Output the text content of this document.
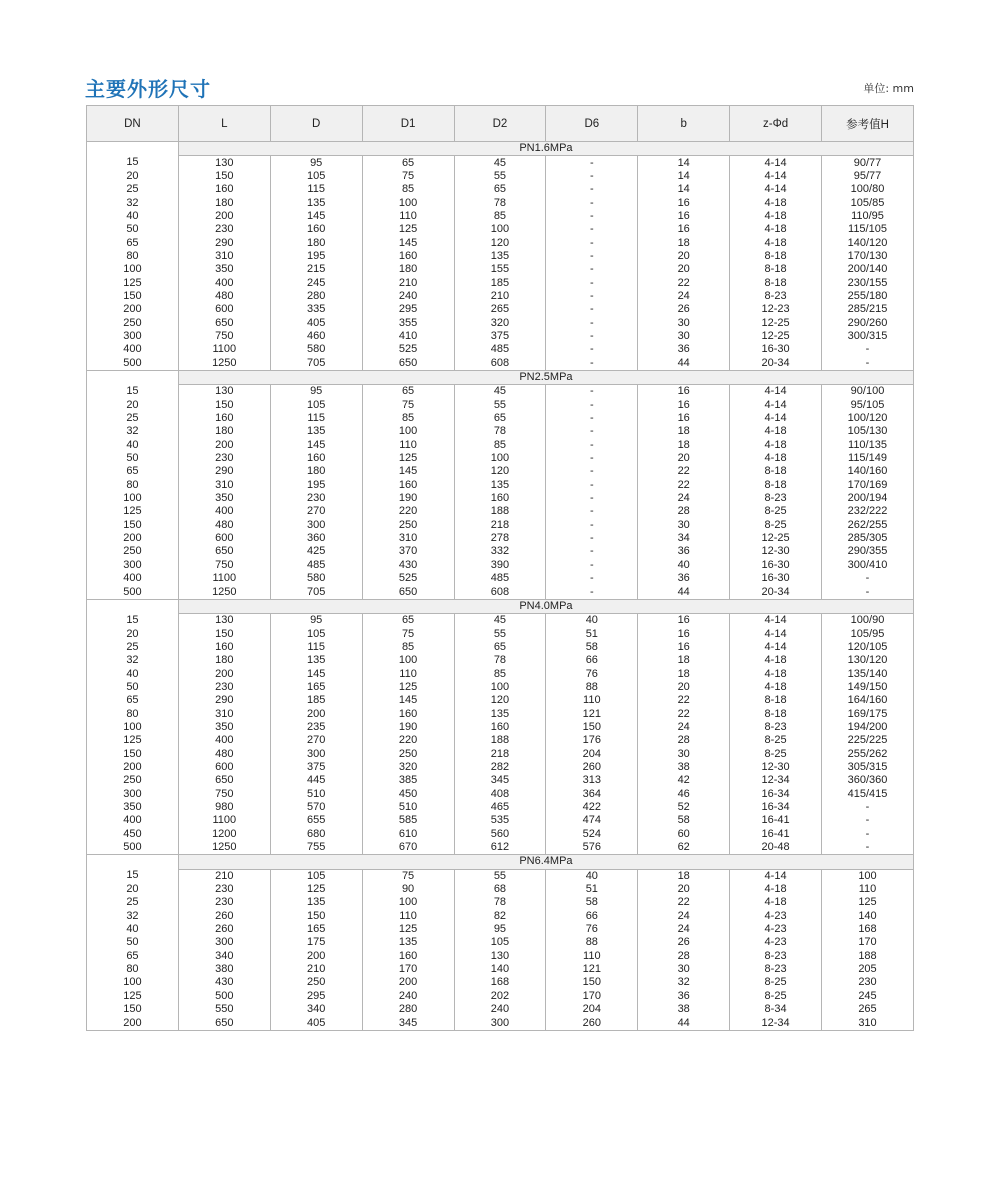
主要外形尺寸	单位: mm
DN	L	D	D1	D2	D6	b	z-Φd	参考值H
	PN1.6MPa							
15	130	95	65	45	-	14	4-14	90/77
20	150	105	75	55	-	14	4-14	95/77
25	160	115	85	65	-	14	4-14	100/80
32	180	135	100	78	-	16	4-18	105/85
40	200	145	110	85	-	16	4-18	110/95
50	230	160	125	100	-	16	4-18	115/105
65	290	180	145	120	-	18	4-18	140/120
80	310	195	160	135	-	20	8-18	170/130
100	350	215	180	155	-	20	8-18	200/140
125	400	245	210	185	-	22	8-18	230/155
150	480	280	240	210	-	24	8-23	255/180
200	600	335	295	265	-	26	12-23	285/215
250	650	405	355	320	-	30	12-25	290/260
300	750	460	410	375	-	30	12-25	300/315
400	1100	580	525	485	-	36	16-30	-
500	1250	705	650	608	-	44	20-34	-
	PN2.5MPa							
15	130	95	65	45	-	16	4-14	90/100
20	150	105	75	55	-	16	4-14	95/105
25	160	115	85	65	-	16	4-14	100/120
32	180	135	100	78	-	18	4-18	105/130
40	200	145	110	85	-	18	4-18	110/135
50	230	160	125	100	-	20	4-18	115/149
65	290	180	145	120	-	22	8-18	140/160
80	310	195	160	135	-	22	8-18	170/169
100	350	230	190	160	-	24	8-23	200/194
125	400	270	220	188	-	28	8-25	232/222
150	480	300	250	218	-	30	8-25	262/255
200	600	360	310	278	-	34	12-25	285/305
250	650	425	370	332	-	36	12-30	290/355
300	750	485	430	390	-	40	16-30	300/410
400	1100	580	525	485	-	36	16-30	-
500	1250	705	650	608	-	44	20-34	-
	PN4.0MPa							
15	130	95	65	45	40	16	4-14	100/90
20	150	105	75	55	51	16	4-14	105/95
25	160	115	85	65	58	16	4-14	120/105
32	180	135	100	78	66	18	4-18	130/120
40	200	145	110	85	76	18	4-18	135/140
50	230	165	125	100	88	20	4-18	149/150
65	290	185	145	120	110	22	8-18	164/160
80	310	200	160	135	121	22	8-18	169/175
100	350	235	190	160	150	24	8-23	194/200
125	400	270	220	188	176	28	8-25	225/225
150	480	300	250	218	204	30	8-25	255/262
200	600	375	320	282	260	38	12-30	305/315
250	650	445	385	345	313	42	12-34	360/360
300	750	510	450	408	364	46	16-34	415/415
350	980	570	510	465	422	52	16-34	-
400	1100	655	585	535	474	58	16-41	-
450	1200	680	610	560	524	60	16-41	-
500	1250	755	670	612	576	62	20-48	-
	PN6.4MPa							
15	210	105	75	55	40	18	4-14	100
20	230	125	90	68	51	20	4-18	110
25	230	135	100	78	58	22	4-18	125
32	260	150	110	82	66	24	4-23	140
40	260	165	125	95	76	24	4-23	168
50	300	175	135	105	88	26	4-23	170
65	340	200	160	130	110	28	8-23	188
80	380	210	170	140	121	30	8-23	205
100	430	250	200	168	150	32	8-25	230
125	500	295	240	202	170	36	8-25	245
150	550	340	280	240	204	38	8-34	265
200	650	405	345	300	260	44	12-34	310
